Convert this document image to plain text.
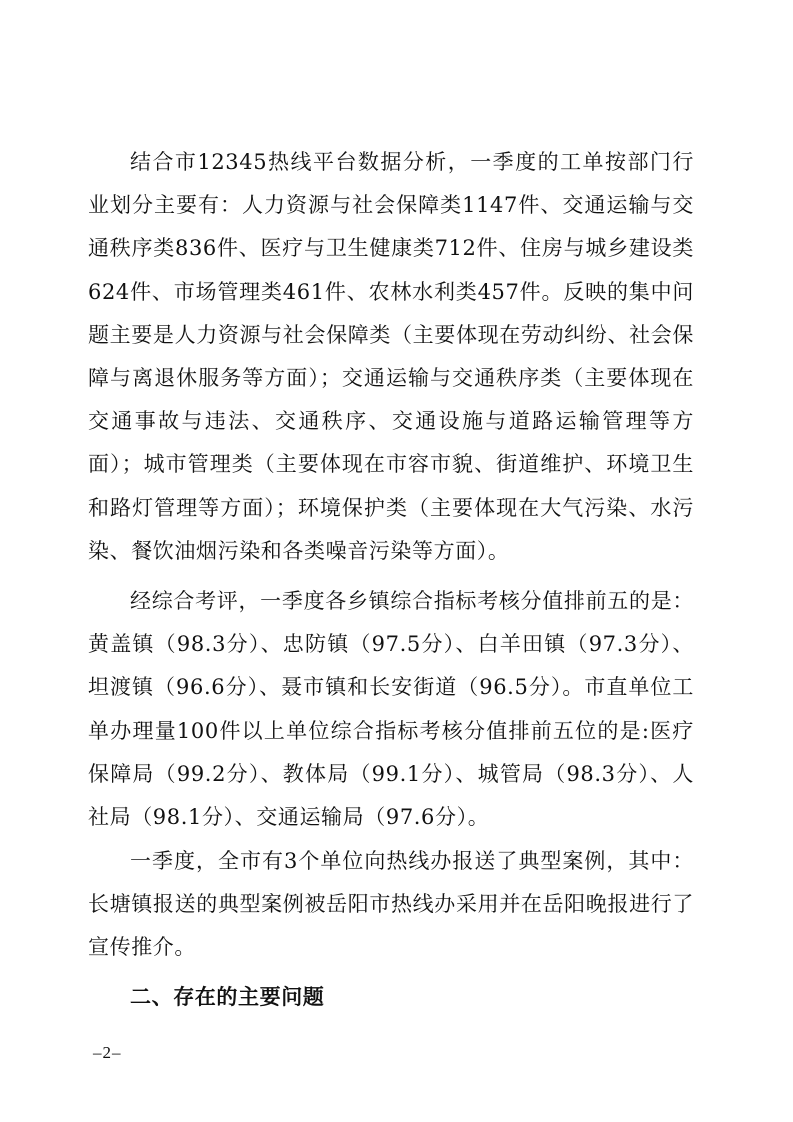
结合市12345热线平台数据分析，一季度的工单按部门行业划分主要有：人力资源与社会保障类1147件、交通运输与交通秩序类836件、医疗与卫生健康类712件、住房与城乡建设类624件、市场管理类461件、农林水利类457件。反映的集中问题主要是人力资源与社会保障类（主要体现在劳动纠纷、社会保障与离退休服务等方面）；交通运输与交通秩序类（主要体现在交通事故与违法、交通秩序、交通设施与道路运输管理等方面）；城市管理类（主要体现在市容市貌、街道维护、环境卫生和路灯管理等方面）；环境保护类（主要体现在大气污染、水污染、餐饮油烟污染和各类噪音污染等方面）。

经综合考评，一季度各乡镇综合指标考核分值排前五的是：黄盖镇（98.3分）、忠防镇（97.5分）、白羊田镇（97.3分）、坦渡镇（96.6分）、聂市镇和长安街道（96.5分）。市直单位工单办理量100件以上单位综合指标考核分值排前五位的是:医疗保障局（99.2分）、教体局（99.1分）、城管局（98.3分）、人社局（98.1分）、交通运输局（97.6分）。

一季度，全市有3个单位向热线办报送了典型案例，其中：长塘镇报送的典型案例被岳阳市热线办采用并在岳阳晚报进行了宣传推介。

二、存在的主要问题
–2–
